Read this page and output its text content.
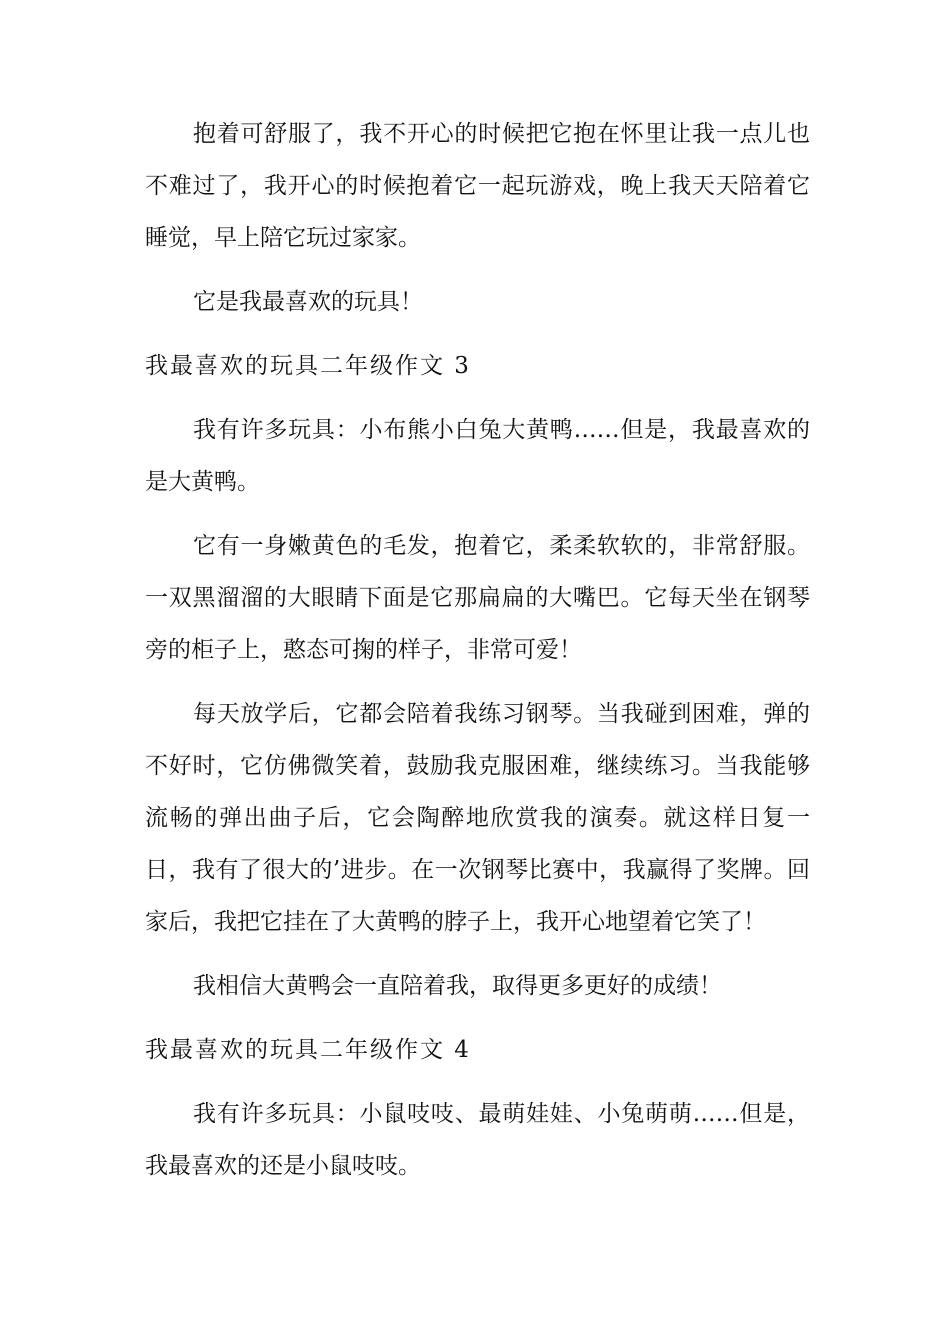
抱着可舒服了，我不开心的时候把它抱在怀里让我一点儿也不难过了，我开心的时候抱着它一起玩游戏，晚上我天天陪着它睡觉，早上陪它玩过家家。

它是我最喜欢的玩具！

我最喜欢的玩具二年级作文 3

我有许多玩具：小布熊小白兔大黄鸭……但是，我最喜欢的是大黄鸭。

它有一身嫩黄色的毛发，抱着它，柔柔软软的，非常舒服。一双黑溜溜的大眼睛下面是它那扁扁的大嘴巴。它每天坐在钢琴旁的柜子上，憨态可掬的样子，非常可爱！

每天放学后，它都会陪着我练习钢琴。当我碰到困难，弹的不好时，它仿佛微笑着，鼓励我克服困难，继续练习。当我能够流畅的弹出曲子后，它会陶醉地欣赏我的演奏。就这样日复一日，我有了很大的’进步。在一次钢琴比赛中，我赢得了奖牌。回家后，我把它挂在了大黄鸭的脖子上，我开心地望着它笑了！

我相信大黄鸭会一直陪着我，取得更多更好的成绩！

我最喜欢的玩具二年级作文 4

我有许多玩具：小鼠吱吱、最萌娃娃、小兔萌萌……但是，我最喜欢的还是小鼠吱吱。
